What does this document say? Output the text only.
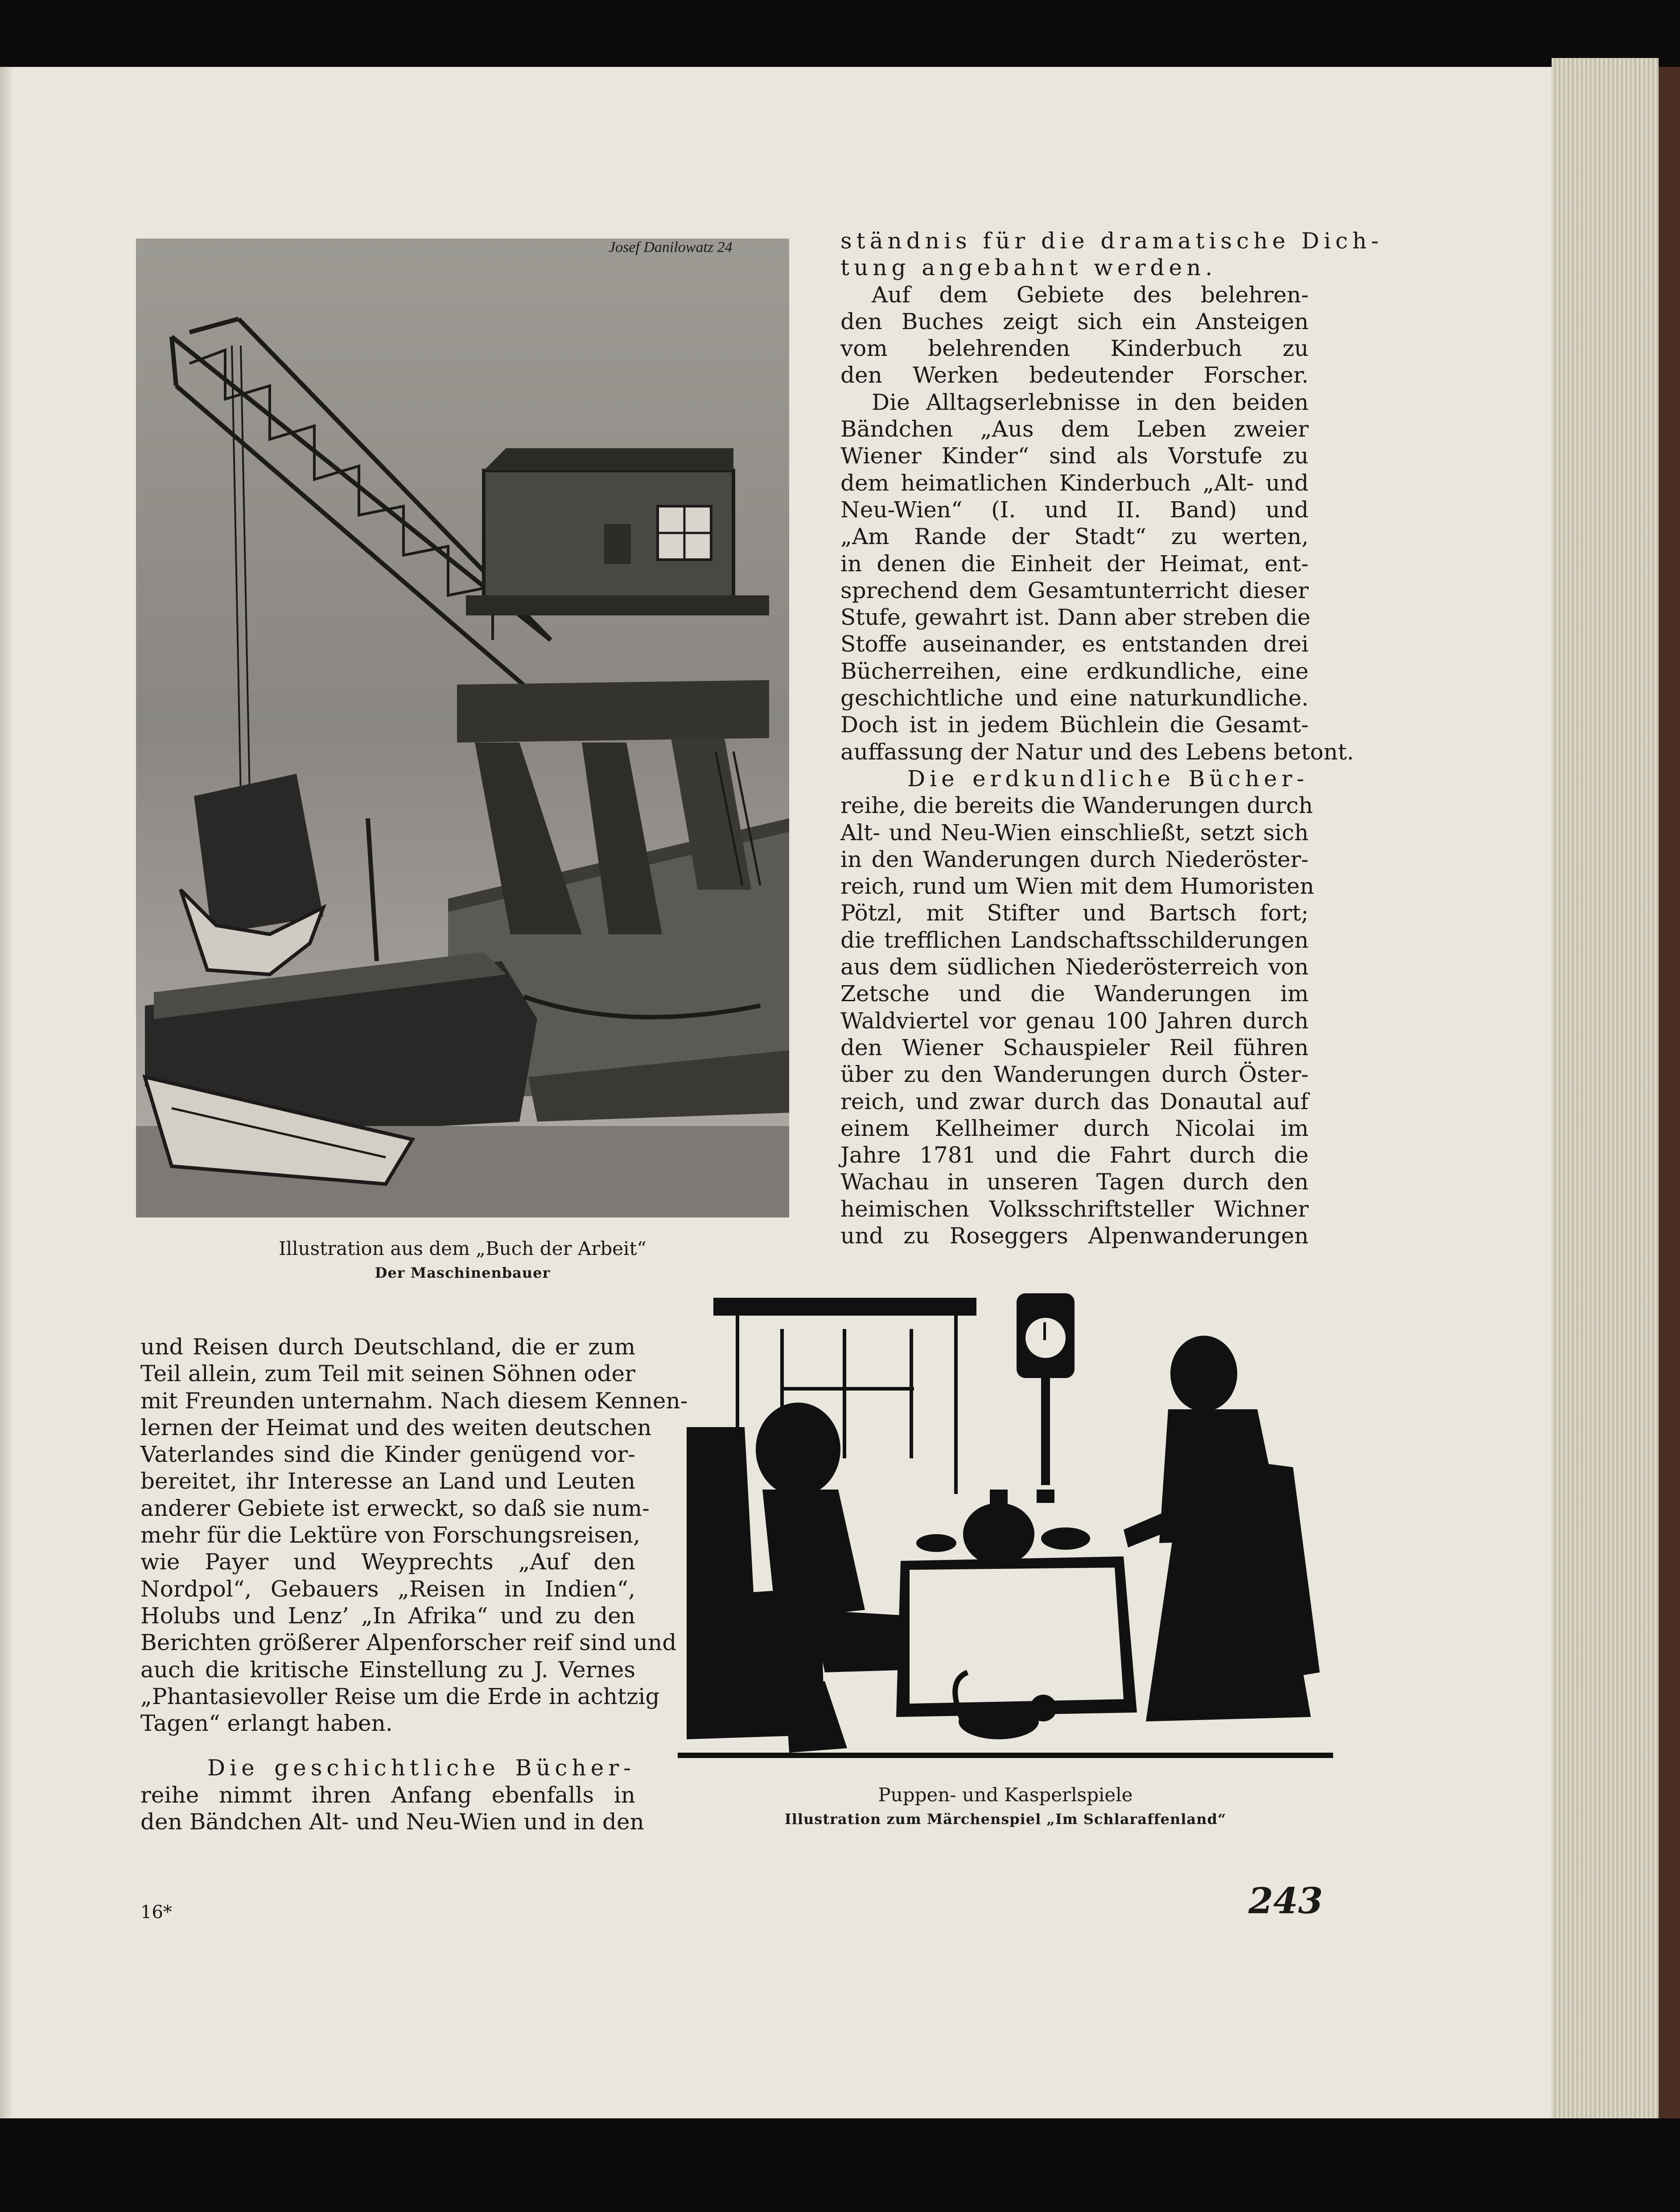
Josef Danilowatz 24
Illustration aus dem „Buch der Arbeit“
Der Maschinenbauer
ständnis für die dramatische Dich-
tung angebahnt werden.
Auf dem Gebiete des belehren-
den Buches zeigt sich ein Ansteigen
vom belehrenden Kinderbuch zu
den Werken bedeutender Forscher.
Die Alltagserlebnisse in den beiden
Bändchen „Aus dem Leben zweier
Wiener Kinder“ sind als Vorstufe zu
dem heimatlichen Kinderbuch „Alt- und
Neu-Wien“ (I. und II. Band) und
„Am Rande der Stadt“ zu werten,
in denen die Einheit der Heimat, ent-
sprechend dem Gesamtunterricht dieser
Stufe, gewahrt ist. Dann aber streben die
Stoffe auseinander, es entstanden drei
Bücherreihen, eine erdkundliche, eine
geschichtliche und eine naturkundliche.
Doch ist in jedem Büchlein die Gesamt-
auffassung der Natur und des Lebens betont.
Die erdkundliche Bücher-
reihe, die bereits die Wanderungen durch
Alt- und Neu-Wien einschließt, setzt sich
in den Wanderungen durch Niederöster-
reich, rund um Wien mit dem Humoristen
Pötzl, mit Stifter und Bartsch fort;
die trefflichen Landschaftsschilderungen
aus dem südlichen Niederösterreich von
Zetsche und die Wanderungen im
Waldviertel vor genau 100 Jahren durch
den Wiener Schauspieler Reil führen
über zu den Wanderungen durch Öster-
reich, und zwar durch das Donautal auf
einem Kellheimer durch Nicolai im
Jahre 1781 und die Fahrt durch die
Wachau in unseren Tagen durch den
heimischen Volksschriftsteller Wichner
und zu Roseggers Alpenwanderungen
und Reisen durch Deutschland, die er zum
Teil allein, zum Teil mit seinen Söhnen oder
mit Freunden unternahm. Nach diesem Kennen-
lernen der Heimat und des weiten deutschen
Vaterlandes sind die Kinder genügend vor-
bereitet, ihr Interesse an Land und Leuten
anderer Gebiete ist erweckt, so daß sie num-
mehr für die Lektüre von Forschungsreisen,
wie Payer und Weyprechts „Auf den
Nordpol“, Gebauers „Reisen in Indien“,
Holubs und Lenz’ „In Afrika“ und zu den
Berichten größerer Alpenforscher reif sind und
auch die kritische Einstellung zu J. Vernes
„Phantasievoller Reise um die Erde in achtzig
Tagen“ erlangt haben.
Die geschichtliche Bücher-
reihe nimmt ihren Anfang ebenfalls in
den Bändchen Alt- und Neu-Wien und in den
Puppen- und Kasperlspiele
Illustration zum Märchenspiel „Im Schlaraffenland“
16*	243
